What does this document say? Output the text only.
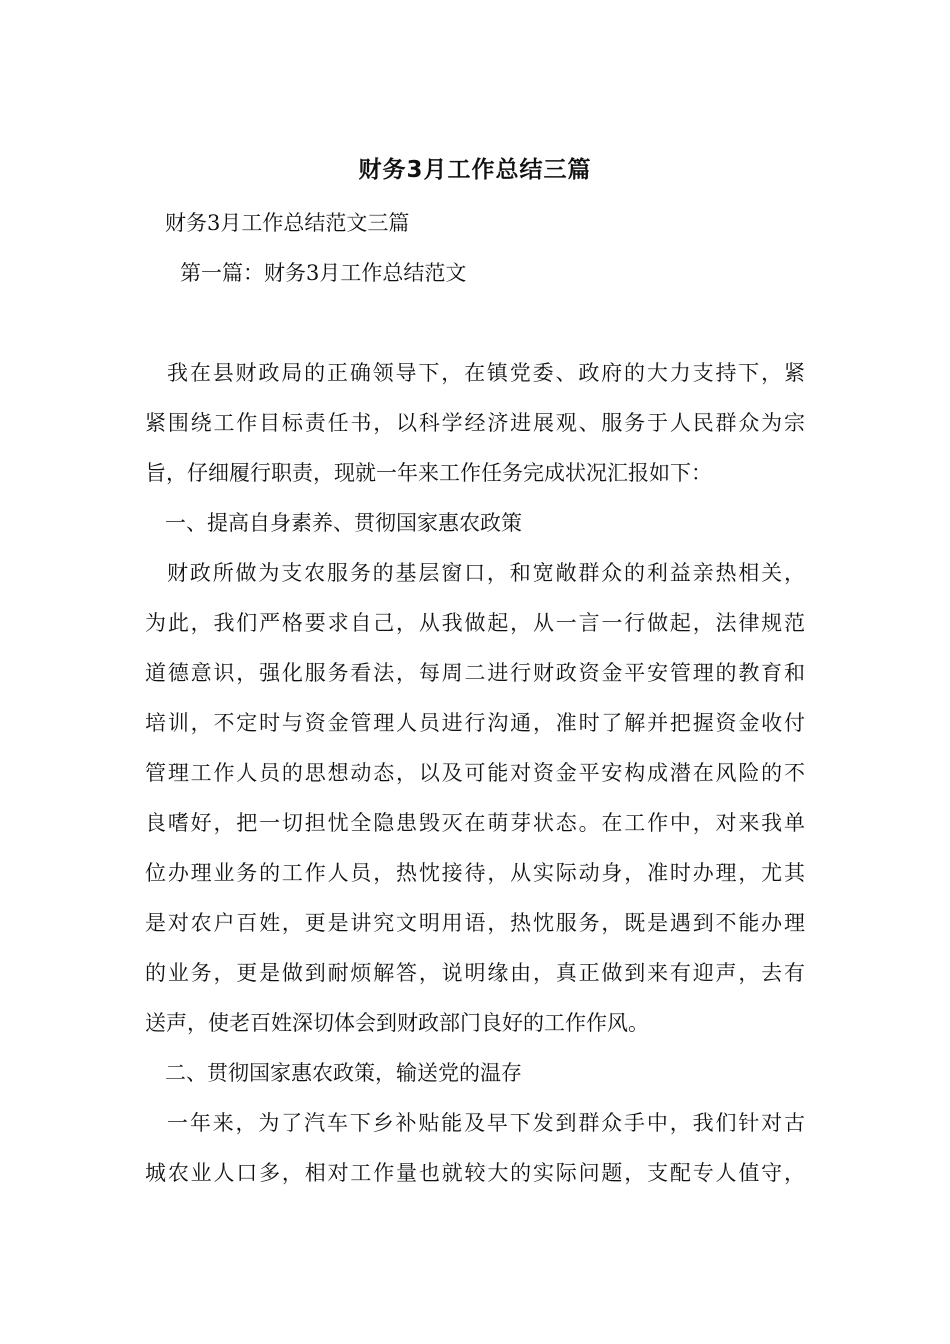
财务3月工作总结三篇
财务3月工作总结范文三篇
第一篇：财务3月工作总结范文
我在县财政局的正确领导下，在镇党委、政府的大力支持下，紧
紧围绕工作目标责任书，以科学经济进展观、服务于人民群众为宗
旨，仔细履行职责，现就一年来工作任务完成状况汇报如下：
一、提高自身素养、贯彻国家惠农政策
财政所做为支农服务的基层窗口，和宽敞群众的利益亲热相关，
为此，我们严格要求自己，从我做起，从一言一行做起，法律规范
道德意识，强化服务看法，每周二进行财政资金平安管理的教育和
培训，不定时与资金管理人员进行沟通，准时了解并把握资金收付
管理工作人员的思想动态，以及可能对资金平安构成潜在风险的不
良嗜好，把一切担忧全隐患毁灭在萌芽状态。在工作中，对来我单
位办理业务的工作人员，热忱接待，从实际动身，准时办理，尤其
是对农户百姓，更是讲究文明用语，热忱服务，既是遇到不能办理
的业务，更是做到耐烦解答，说明缘由，真正做到来有迎声，去有
送声，使老百姓深切体会到财政部门良好的工作作风。
二、贯彻国家惠农政策，输送党的温存
一年来，为了汽车下乡补贴能及早下发到群众手中，我们针对古
城农业人口多，相对工作量也就较大的实际问题，支配专人值守，
